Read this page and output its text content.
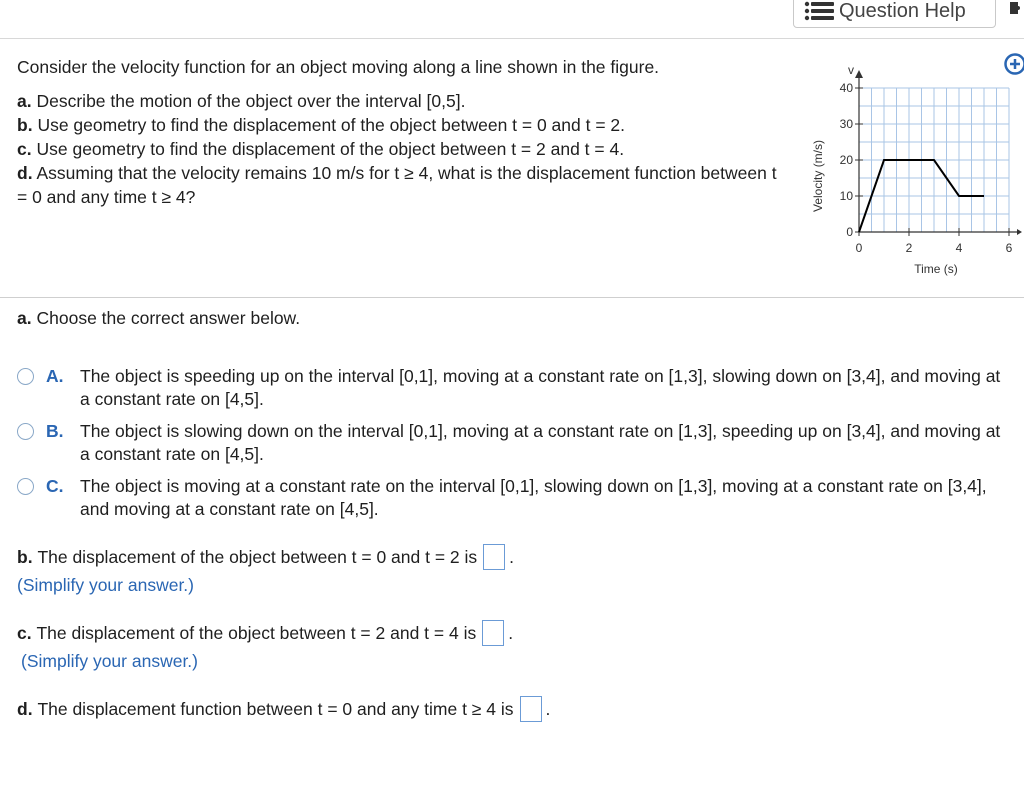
Question Help

Consider the velocity function for an object moving along a line shown in the figure.

a. Describe the motion of the object over the interval [0,5].

b. Use geometry to find the displacement of the object between t = 0 and t = 2.

c. Use geometry to find the displacement of the object between t = 2 and t = 4.

d. Assuming that the velocity remains 10 m/s for t ≥ 4, what is the displacement function between t = 0 and any time t ≥ 4?

0	2	4	6
0
10
20
30
40
v
Velocity (m/s)
Time (s)
a. Choose the correct answer below.
A. The object is speeding up on the interval [0,1], moving at a constant rate on [1,3], slowing down on [3,4], and moving at a constant rate on [4,5].
B. The object is slowing down on the interval [0,1], moving at a constant rate on [1,3], speeding up on [3,4], and moving at a constant rate on [4,5].
C. The object is moving at a constant rate on the interval [0,1], slowing down on [1,3], moving at a constant rate on [3,4], and moving at a constant rate on [4,5].
b.
The displacement of the object between t = 0 and t = 2 is .
(Simplify your answer.)
c.
The displacement of the object between t = 2 and t = 4 is .
(Simplify your answer.)
d.
The displacement function between t = 0 and any time t ≥ 4 is .
